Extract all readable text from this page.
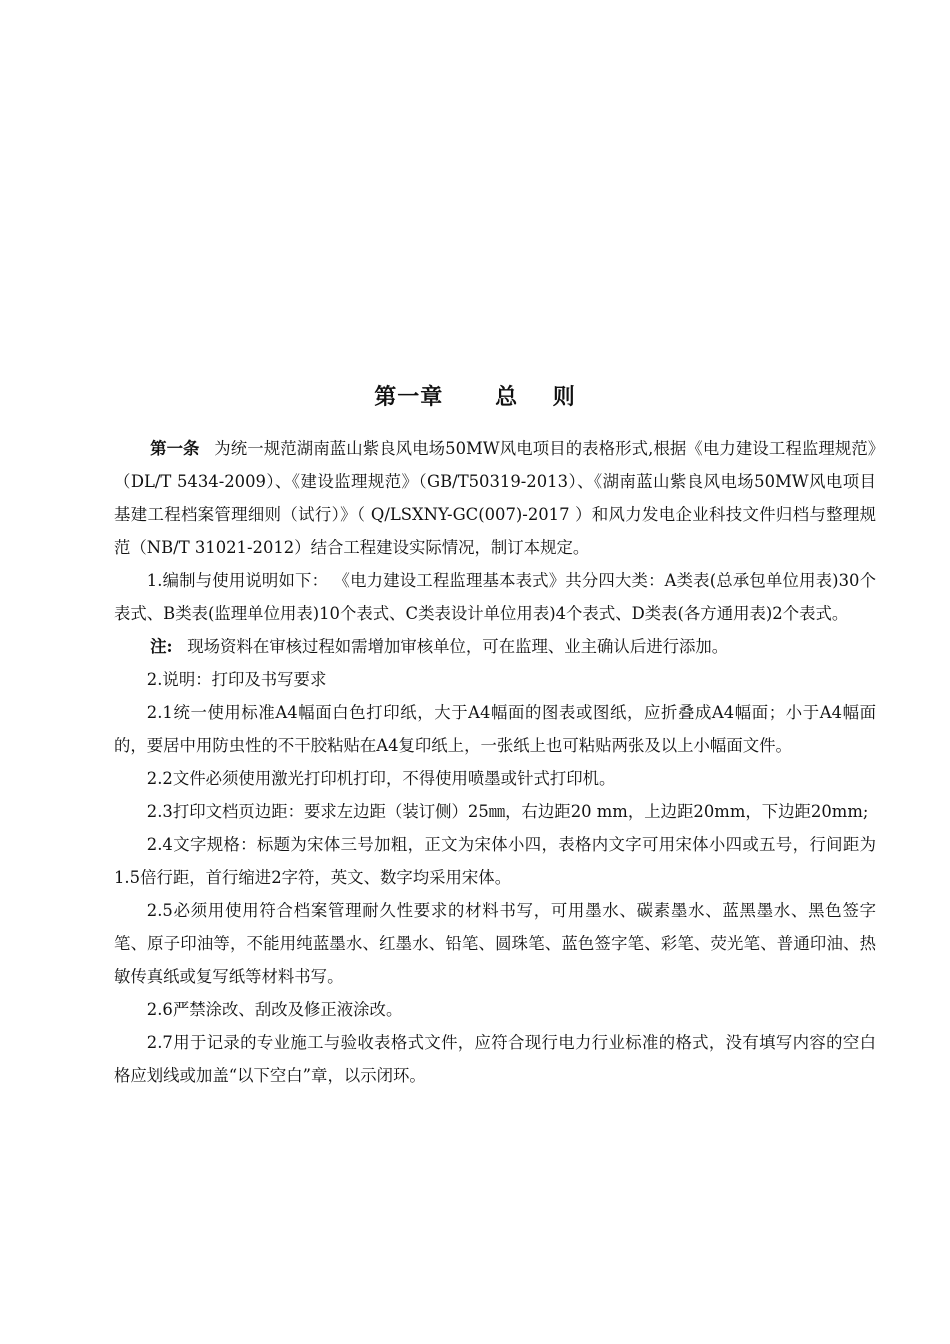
第一章      总    则

第一条 为统一规范湖南蓝山紫良风电场50MW风电项目的表格形式,根据《电力建设工程监理规范》（DL/T 5434-2009）、《建设监理规范》（GB/T50319-2013）、《湖南蓝山紫良风电场50MW风电项目基建工程档案管理细则（试行）》（ Q/LSXNY-GC(007)-2017 ）和风力发电企业科技文件归档与整理规范（NB/T 31021-2012）结合工程建设实际情况，制订本规定。

1.编制与使用说明如下： 《电力建设工程监理基本表式》共分四大类：A类表(总承包单位用表)30个表式、B类表(监理单位用表)10个表式、C类表设计单位用表)4个表式、D类表(各方通用表)2个表式。

注: 现场资料在审核过程如需增加审核单位，可在监理、业主确认后进行添加。

2.说明：打印及书写要求

2.1统一使用标准A4幅面白色打印纸，大于A4幅面的图表或图纸，应折叠成A4幅面；小于A4幅面的，要居中用防虫性的不干胶粘贴在A4复印纸上，一张纸上也可粘贴两张及以上小幅面文件。

2.2文件必须使用激光打印机打印，不得使用喷墨或针式打印机。

2.3打印文档页边距：要求左边距（装订侧）25㎜，右边距20 mm，上边距20mm，下边距20mm;

2.4文字规格：标题为宋体三号加粗，正文为宋体小四，表格内文字可用宋体小四或五号，行间距为1.5倍行距，首行缩进2字符，英文、数字均采用宋体。

2.5必须用使用符合档案管理耐久性要求的材料书写，可用墨水、碳素墨水、蓝黑墨水、黑色签字笔、原子印油等，不能用纯蓝墨水、红墨水、铅笔、圆珠笔、蓝色签字笔、彩笔、荧光笔、普通印油、热敏传真纸或复写纸等材料书写。

2.6严禁涂改、刮改及修正液涂改。

2.7用于记录的专业施工与验收表格式文件，应符合现行电力行业标准的格式，没有填写内容的空白格应划线或加盖“以下空白”章，以示闭环。
